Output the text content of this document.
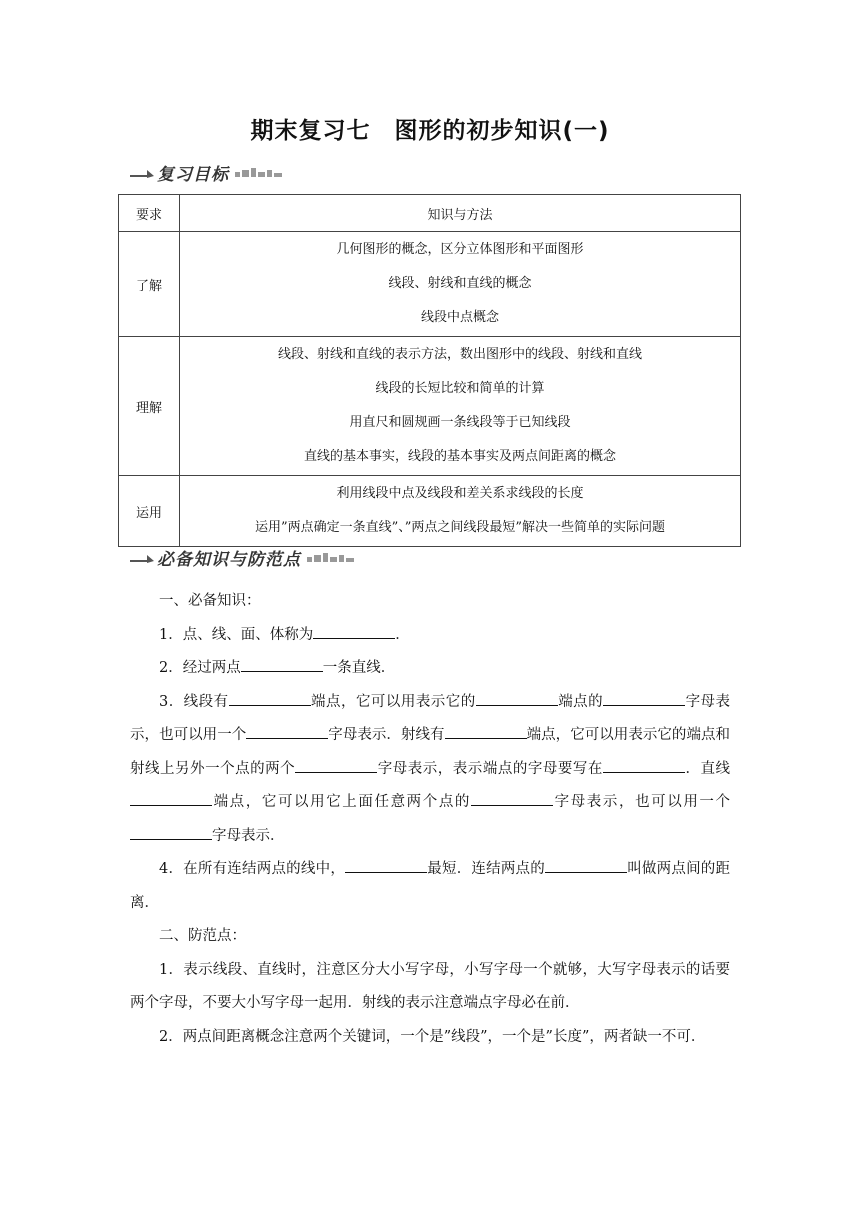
期末复习七　图形的初步知识(一)
复习目标
要求	知识与方法
了解	几何图形的概念，区分立体图形和平面图形
线段、射线和直线的概念
线段中点概念

理解	线段、射线和直线的表示方法，数出图形中的线段、射线和直线
线段的长短比较和简单的计算
用直尺和圆规画一条线段等于已知线段
直线的基本事实，线段的基本事实及两点间距离的概念

运用	利用线段中点及线段和差关系求线段的长度
运用”两点确定一条直线”、”两点之间线段最短”解决一些简单的实际问题
必备知识与防范点

一、必备知识：

1．点、线、面、体称为	．

2．经过两点	一条直线．

3．线段有	端点，它可以用表示它的	端点的	字母表示，也可以用一个	字母表示．射线有	端点，它可以用表示它的端点和射线上另外一个点的两个	字母表示，表示端点的字母要写在	．直线端点，它可以用它上面任意两个点的	字母表示，也可以用一个字母表示．

4．在所有连结两点的线中，	最短．连结两点的	叫做两点间的距离．

二、防范点：

1．表示线段、直线时，注意区分大小写字母，小写字母一个就够，大写字母表示的话要两个字母，不要大小写字母一起用．射线的表示注意端点字母必在前．

2．两点间距离概念注意两个关键词，一个是”线段”，一个是”长度”，两者缺一不可．
